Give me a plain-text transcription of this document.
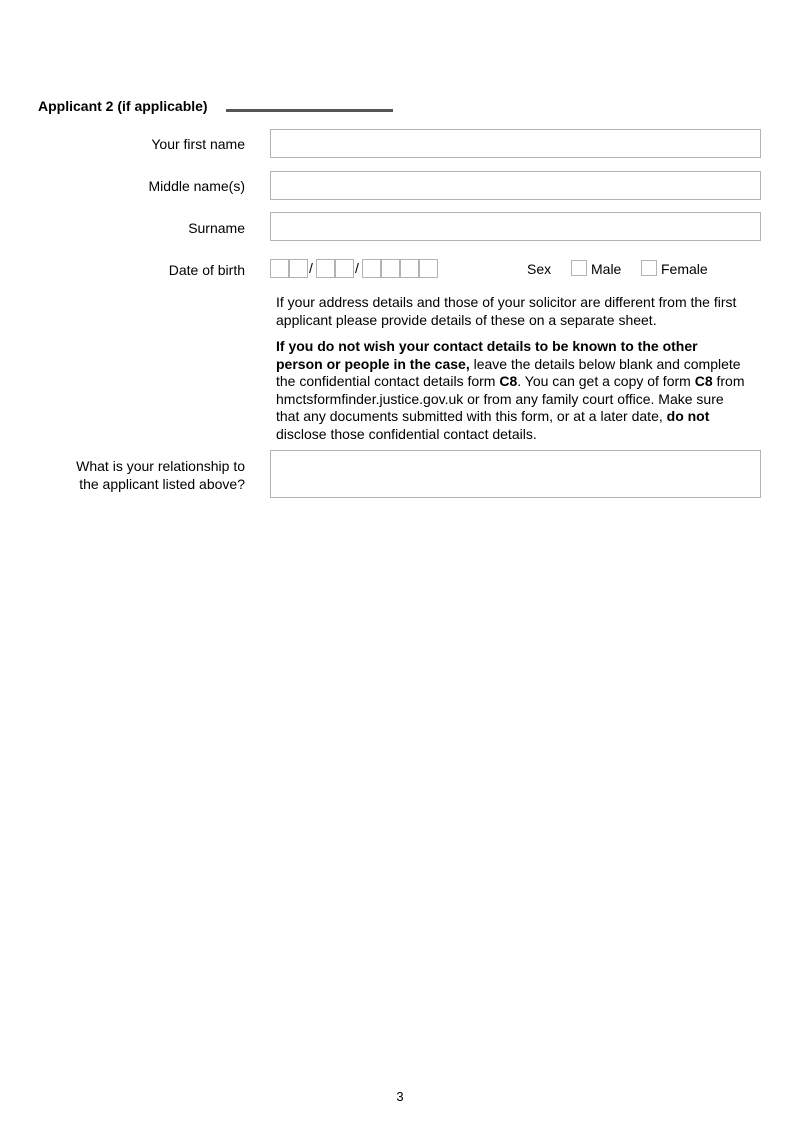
Applicant 2 (if applicable)
Your first name
Middle name(s)
Surname
Date of birth	/	/	Sex	Male	Female

If your address details and those of your solicitor are different from the first applicant please provide details of these on a separate sheet.

If you do not wish your contact details to be known to the other person or people in the case, leave the details below blank and complete the confidential contact details form C8. You can get a copy of form C8 from hmctsformfinder.justice.gov.uk or from any family court office. Make sure that any documents submitted with this form, or at a later date, do not disclose those confidential contact details.

What is your relationship to
the applicant listed above?
3
